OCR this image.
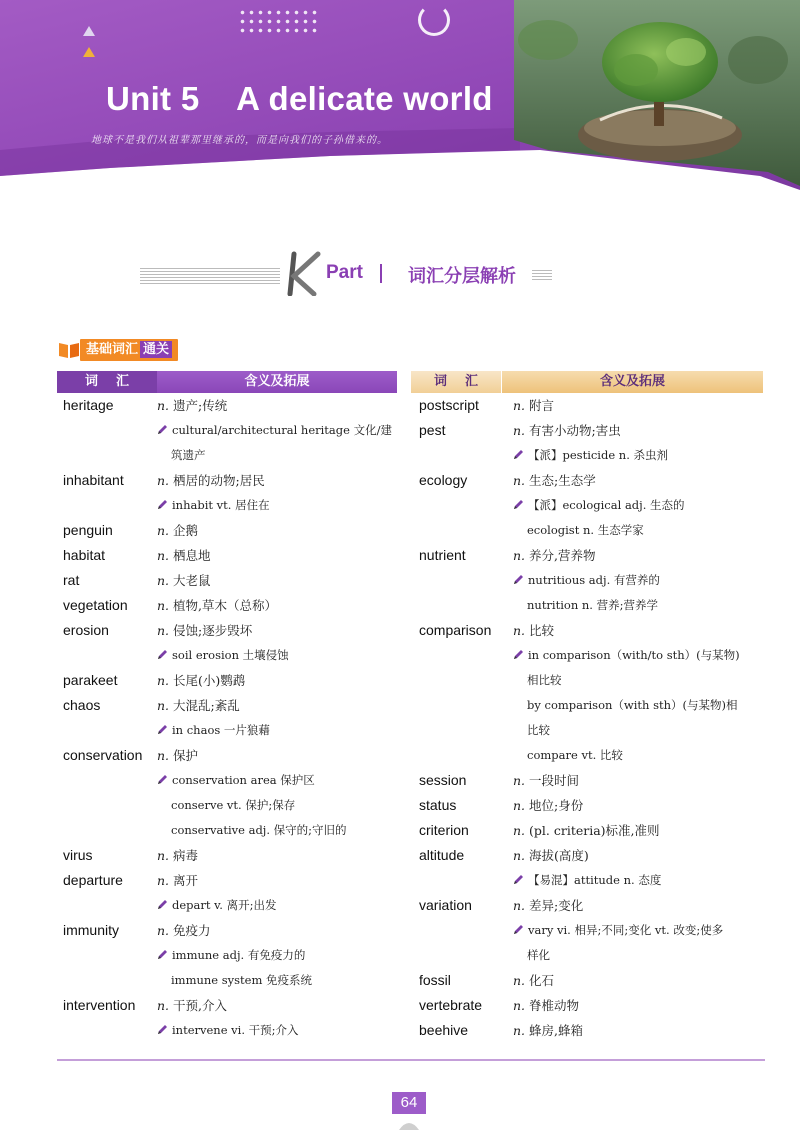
Unit 5    A delicate world
地球不是我们从祖辈那里继承的，而是向我们的子孙借来的。
Part	词汇分层解析
基础词汇 通关
词    汇	含义及拓展
heritage	n. 遗产;传统
cultural/architectural heritage 文化/建
筑遗产
inhabitant	n. 栖居的动物;居民
inhabit vt. 居住在
penguin	n. 企鹅
habitat	n. 栖息地
rat	n. 大老鼠
vegetation	n. 植物,草木（总称）
erosion	n. 侵蚀;逐步毁坏
soil erosion 土壤侵蚀
parakeet	n. 长尾(小)鹦鹉
chaos	n. 大混乱;紊乱
in chaos 一片狼藉
conservation	n. 保护
conservation area 保护区
conserve vt. 保护;保存
conservative adj. 保守的;守旧的
virus	n. 病毒
departure	n. 离开
depart v. 离开;出发
immunity	n. 免疫力
immune adj. 有免疫力的
immune system 免疫系统
intervention	n. 干预,介入
intervene vi. 干预;介入
词    汇	含义及拓展
postscript	n. 附言
pest	n. 有害小动物;害虫
【派】pesticide n. 杀虫剂
ecology	n. 生态;生态学
【派】ecological adj. 生态的
ecologist n. 生态学家
nutrient	n. 养分,营养物
nutritious adj. 有营养的
nutrition n. 营养;营养学
comparison	n. 比较
in comparison（with/to sth）(与某物)
相比较
by comparison（with sth）(与某物)相
比较
compare vt. 比较
session	n. 一段时间
status	n. 地位;身份
criterion	n. (pl. criteria)标准,准则
altitude	n. 海拔(高度)
【易混】attitude n. 态度
variation	n. 差异;变化
vary vi. 相异;不同;变化 vt. 改变;使多
样化
fossil	n. 化石
vertebrate	n. 脊椎动物
beehive	n. 蜂房,蜂箱
64
